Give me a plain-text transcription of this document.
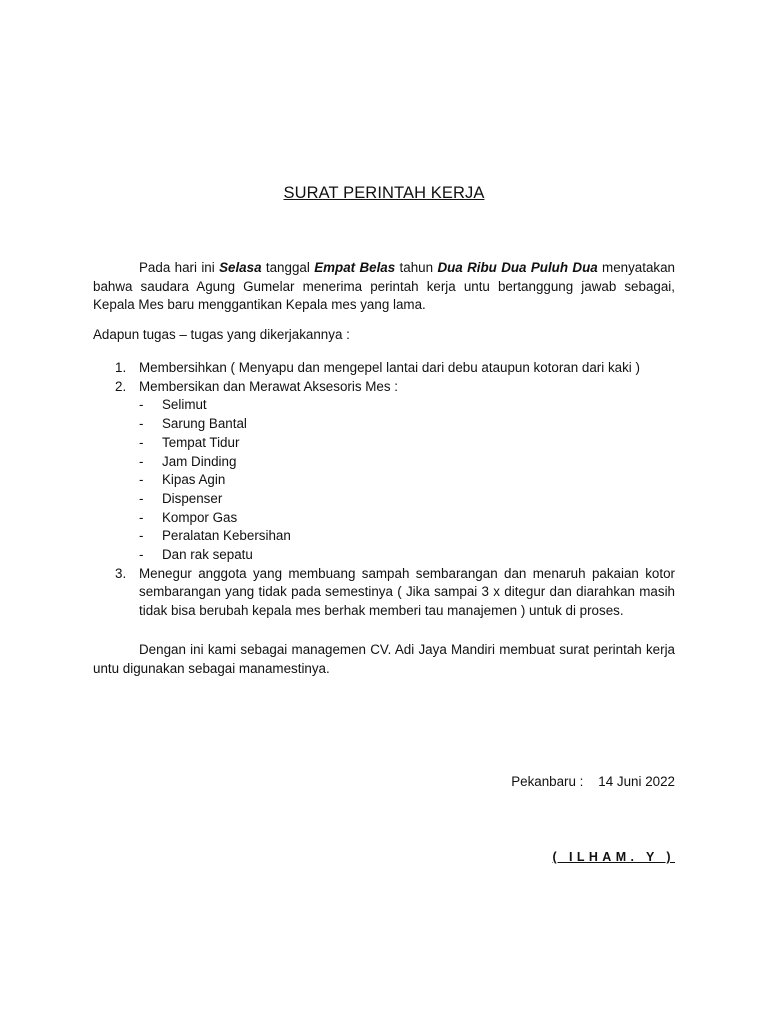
SURAT PERINTAH KERJA

Pada hari ini Selasa tanggal Empat Belas tahun Dua Ribu Dua Puluh Dua menyatakan bahwa saudara Agung Gumelar menerima perintah kerja untu bertanggung jawab sebagai, Kepala Mes baru menggantikan Kepala mes yang lama.

Adapun tugas – tugas yang dikerjakannya :

1. Membersihkan ( Menyapu dan mengepel lantai dari debu ataupun kotoran dari kaki )
2. Membersikan dan Merawat Aksesoris Mes :
- Selimut
- Sarung Bantal
- Tempat Tidur
- Jam Dinding
- Kipas Agin
- Dispenser
- Kompor Gas
- Peralatan Kebersihan
- Dan rak sepatu
3. Menegur anggota yang membuang sampah sembarangan dan menaruh pakaian kotor sembarangan yang tidak pada semestinya ( Jika sampai 3 x ditegur dan diarahkan masih tidak bisa berubah kepala mes berhak memberi tau manajemen ) untuk di proses.

Dengan ini kami sebagai managemen CV. Adi Jaya Mandiri membuat surat perintah kerja untu digunakan sebagai manamestinya.

Pekanbaru : 14 Juni 2022
( ILHAM. Y )
